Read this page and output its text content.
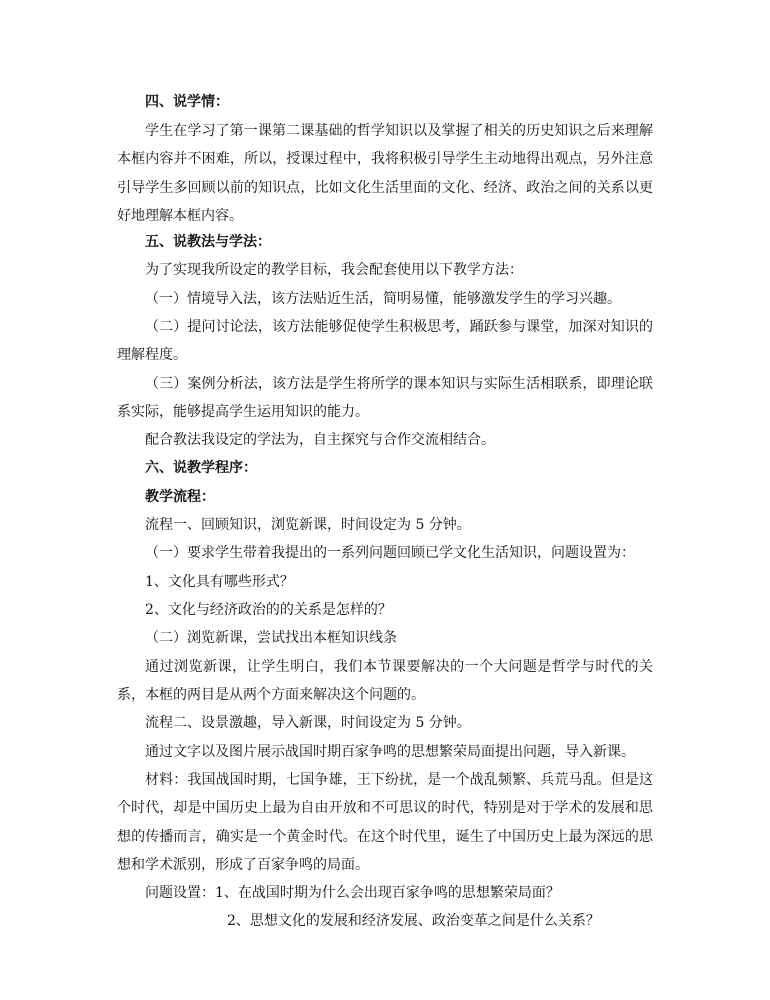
四、说学情：

学生在学习了第一课第二课基础的哲学知识以及掌握了相关的历史知识之后来理解本框内容并不困难，所以，授课过程中，我将积极引导学生主动地得出观点，另外注意引导学生多回顾以前的知识点，比如文化生活里面的文化、经济、政治之间的关系以更好地理解本框内容。

五、说教法与学法：

为了实现我所设定的教学目标，我会配套使用以下教学方法：

（一）情境导入法，该方法贴近生活，简明易懂，能够激发学生的学习兴趣。

（二）提问讨论法，该方法能够促使学生积极思考，踊跃参与课堂，加深对知识的理解程度。

（三）案例分析法，该方法是学生将所学的课本知识与实际生活相联系，即理论联系实际，能够提高学生运用知识的能力。

配合教法我设定的学法为，自主探究与合作交流相结合。

六、说教学程序：

教学流程：

流程一、回顾知识，浏览新课，时间设定为 5 分钟。

（一）要求学生带着我提出的一系列问题回顾已学文化生活知识，问题设置为：

1、文化具有哪些形式？

2、文化与经济政治的的关系是怎样的？

（二）浏览新课，尝试找出本框知识线条

通过浏览新课，让学生明白，我们本节课要解决的一个大问题是哲学与时代的关系，本框的两目是从两个方面来解决这个问题的。

流程二、设景激趣，导入新课，时间设定为 5 分钟。

通过文字以及图片展示战国时期百家争鸣的思想繁荣局面提出问题，导入新课。

材料：我国战国时期，七国争雄，王下纷扰，是一个战乱频繁、兵荒马乱。但是这个时代，却是中国历史上最为自由开放和不可思议的时代，特别是对于学术的发展和思想的传播而言，确实是一个黄金时代。在这个时代里，诞生了中国历史上最为深远的思想和学术派别，形成了百家争鸣的局面。

问题设置：1、在战国时期为什么会出现百家争鸣的思想繁荣局面？

2、思想文化的发展和经济发展、政治变革之间是什么关系？
